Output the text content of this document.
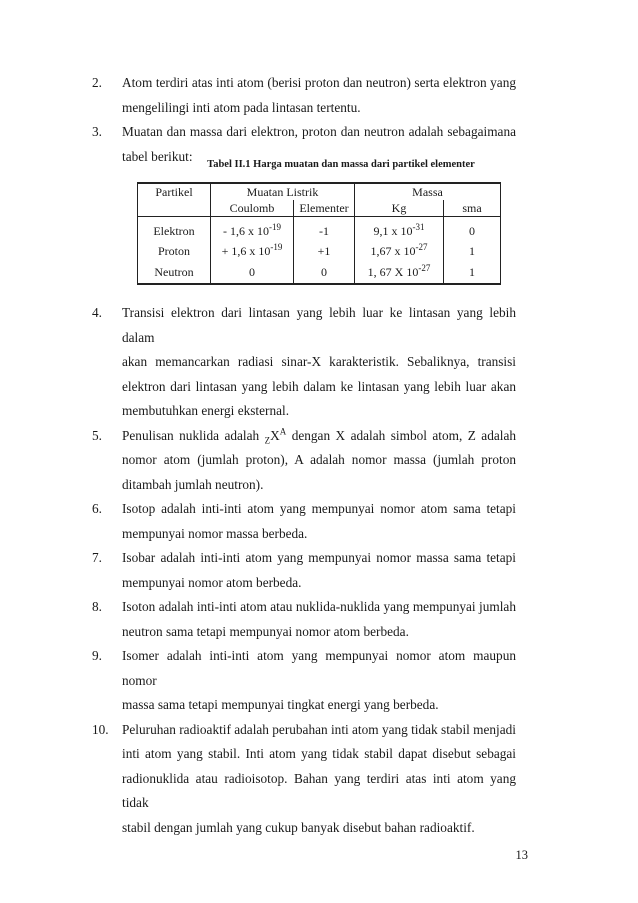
2.	Atom terdiri atas inti atom (berisi proton dan neutron) serta elektron yang
mengelilingi inti atom pada lintasan tertentu.
3.	Muatan dan massa dari elektron, proton dan neutron adalah sebagaimana
tabel berikut:
Tabel II.1 Harga muatan dan massa dari partikel elementer
Partikel	Muatan Listrik		Massa	
	Coulomb	Elementer	Kg	sma
Elektron	- 1,6 x $10^{-19}$	-1	9,1 x $10^{-31}$	0
Proton	+ 1,6 x $10^{-19}$	+1	1,67 x $10^{-27}$	1
Neutron	0	0	1, 67 X $10^{-27}$	1
4.	Transisi elektron dari lintasan yang lebih luar ke lintasan yang lebih dalam
akan memancarkan radiasi sinar-X karakteristik. Sebaliknya, transisi
elektron dari lintasan yang lebih dalam ke lintasan yang lebih luar akan
membutuhkan energi eksternal.
5.	Penulisan nuklida adalah $_ZX^A$ dengan X adalah simbol atom, Z adalah
nomor atom (jumlah proton), A adalah nomor massa (jumlah proton
ditambah jumlah neutron).
6.	Isotop adalah inti-inti atom yang mempunyai nomor atom sama tetapi
mempunyai nomor massa berbeda.
7.	Isobar adalah inti-inti atom yang mempunyai nomor massa sama tetapi
mempunyai nomor atom berbeda.
8.	Isoton adalah inti-inti atom atau nuklida-nuklida yang mempunyai jumlah
neutron sama tetapi mempunyai nomor atom berbeda.
9.	Isomer adalah inti-inti atom yang mempunyai nomor atom maupun nomor
massa sama tetapi mempunyai tingkat energi yang berbeda.
10.	Peluruhan radioaktif adalah perubahan inti atom yang tidak stabil menjadi
inti atom yang stabil. Inti atom yang tidak stabil dapat disebut sebagai
radionuklida atau radioisotop. Bahan yang terdiri atas inti atom yang tidak
stabil dengan jumlah yang cukup banyak disebut bahan radioaktif.
13
